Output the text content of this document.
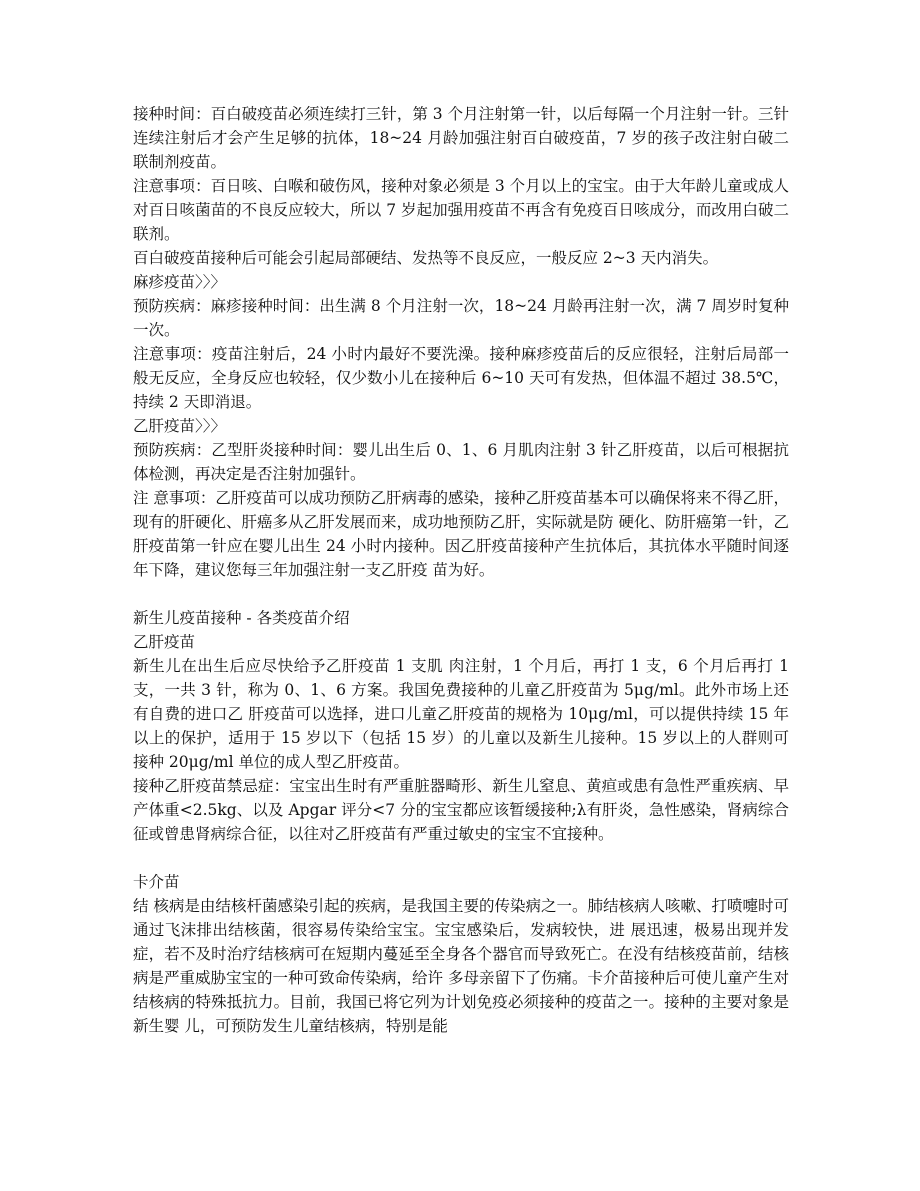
接种时间：百白破疫苗必须连续打三针，第 3 个月注射第一针，以后每隔一个月注射一针。三针连续注射后才会产生足够的抗体，18~24 月龄加强注射百白破疫苗，7 岁的孩子改注射白破二联制剂疫苗。

注意事项：百日咳、白喉和破伤风，接种对象必须是 3 个月以上的宝宝。由于大年龄儿童或成人对百日咳菌苗的不良反应较大，所以 7 岁起加强用疫苗不再含有免疫百日咳成分，而改用白破二联剂。

百白破疫苗接种后可能会引起局部硬结、发热等不良反应，一般反应 2~3 天内消失。

麻疹疫苗〉〉〉

预防疾病：麻疹接种时间：出生满 8 个月注射一次，18~24 月龄再注射一次，满 7 周岁时复种一次。

注意事项：疫苗注射后，24 小时内最好不要洗澡。接种麻疹疫苗后的反应很轻，注射后局部一般无反应，全身反应也较轻，仅少数小儿在接种后 6~10 天可有发热，但体温不超过 38.5℃，持续 2 天即消退。

乙肝疫苗〉〉〉

预防疾病：乙型肝炎接种时间：婴儿出生后 0、1、6 月肌肉注射 3 针乙肝疫苗，以后可根据抗体检测，再决定是否注射加强针。

注 意事项：乙肝疫苗可以成功预防乙肝病毒的感染，接种乙肝疫苗基本可以确保将来不得乙肝，现有的肝硬化、肝癌多从乙肝发展而来，成功地预防乙肝，实际就是防 硬化、防肝癌第一针，乙肝疫苗第一针应在婴儿出生 24 小时内接种。因乙肝疫苗接种产生抗体后，其抗体水平随时间逐年下降，建议您每三年加强注射一支乙肝疫 苗为好。

新生儿疫苗接种 - 各类疫苗介绍

乙肝疫苗

新生儿在出生后应尽快给予乙肝疫苗 1 支肌 肉注射，1 个月后，再打 1 支，6 个月后再打 1 支，一共 3 针，称为 0、1、6 方案。我国免费接种的儿童乙肝疫苗为 5μg/ml。此外市场上还有自费的进口乙 肝疫苗可以选择，进口儿童乙肝疫苗的规格为 10μg/ml，可以提供持续 15 年以上的保护，适用于 15 岁以下（包括 15 岁）的儿童以及新生儿接种。15 岁以上的人群则可接种 20μg/ml 单位的成人型乙肝疫苗。

接种乙肝疫苗禁忌症：宝宝出生时有严重脏器畸形、新生儿窒息、黄疸或患有急性严重疾病、早产体重<2.5kg、以及 Apgar 评分<7 分的宝宝都应该暂缓接种;λ有肝炎，急性感染，肾病综合征或曾患肾病综合征，以往对乙肝疫苗有严重过敏史的宝宝不宜接种。

卡介苗

结 核病是由结核杆菌感染引起的疾病，是我国主要的传染病之一。肺结核病人咳嗽、打喷嚏时可通过飞沫排出结核菌，很容易传染给宝宝。宝宝感染后，发病较快，进 展迅速，极易出现并发症，若不及时治疗结核病可在短期内蔓延至全身各个器官而导致死亡。在没有结核疫苗前，结核病是严重威胁宝宝的一种可致命传染病，给许 多母亲留下了伤痛。卡介苗接种后可使儿童产生对结核病的特殊抵抗力。目前，我国已将它列为计划免疫必须接种的疫苗之一。接种的主要对象是新生婴 儿，可预防发生儿童结核病，特别是能
